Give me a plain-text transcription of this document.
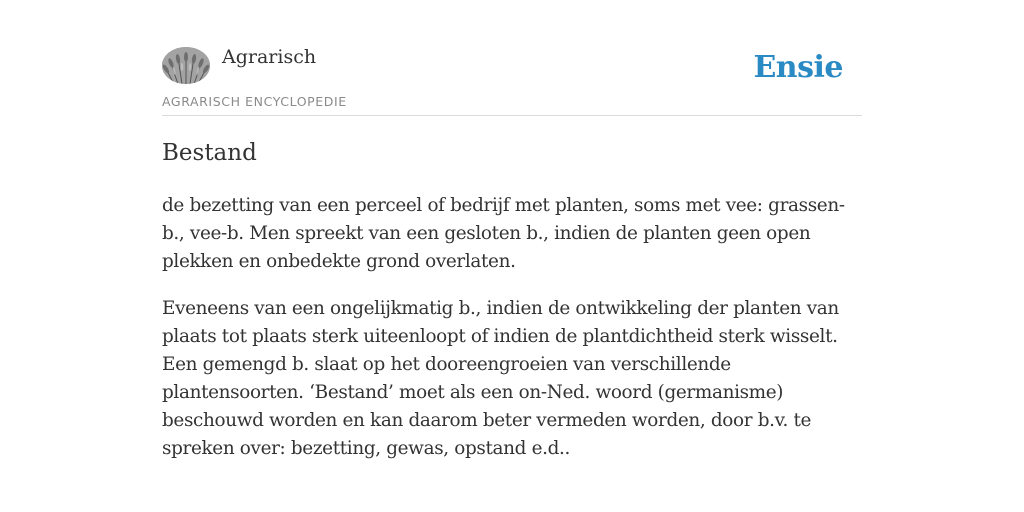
Agrarisch
AGRARISCH ENCYCLOPEDIE
Ensie
Bestand

de bezetting van een perceel of bedrijf met planten, soms met vee: grassen-b., vee-b. Men spreekt van een gesloten b., indien de planten geen open plekken en onbedekte grond overlaten.

Eveneens van een ongelijkmatig b., indien de ontwikkeling der planten van plaats tot plaats sterk uiteenloopt of indien de plantdichtheid sterk wisselt. Een gemengd b. slaat op het dooreengroeien van verschillende plantensoorten. ‘Bestand’ moet als een on-Ned. woord (germanisme) beschouwd worden en kan daarom beter vermeden worden, door b.v. te spreken over: bezetting, gewas, opstand e.d..
